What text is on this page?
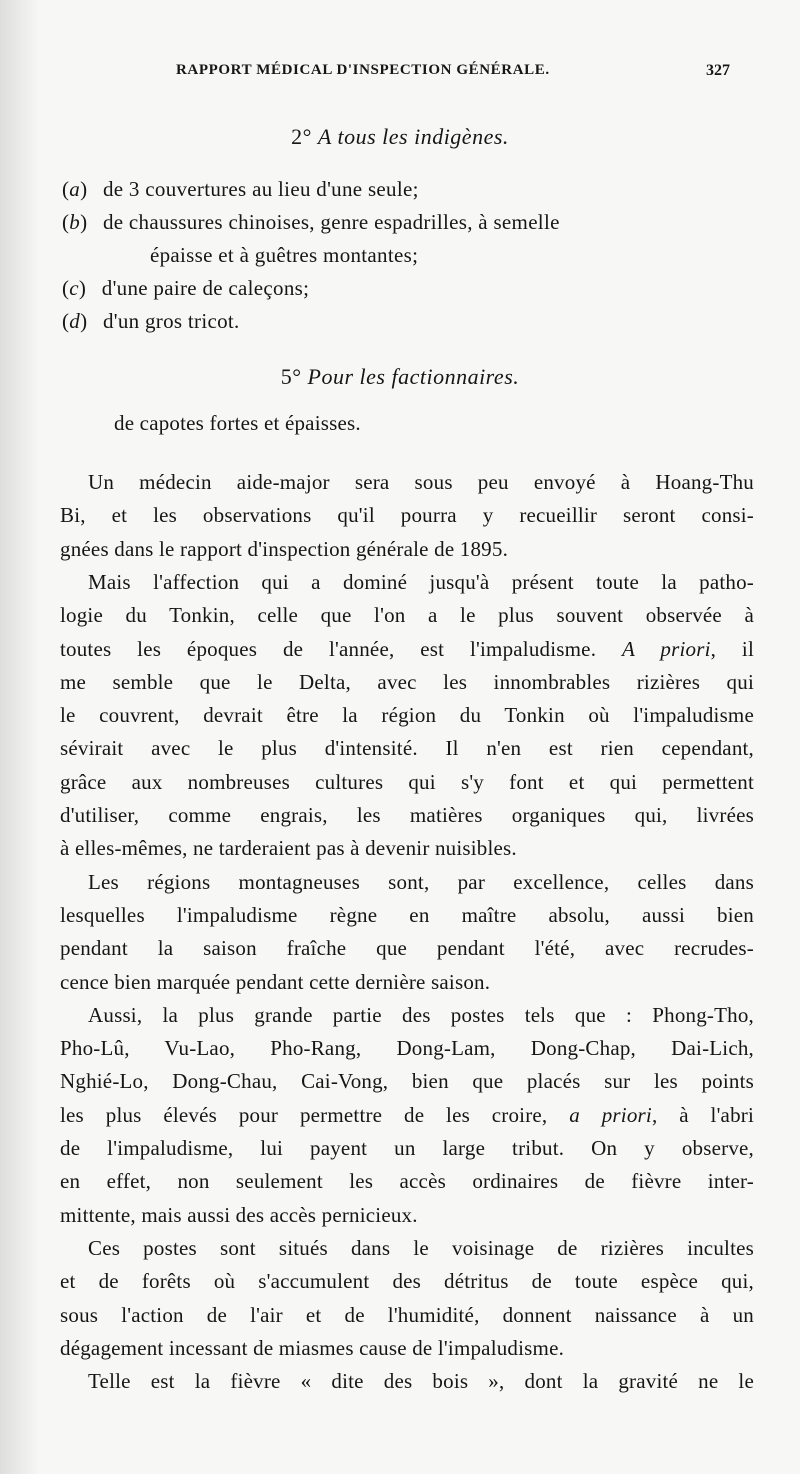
RAPPORT MÉDICAL D'INSPECTION GÉNÉRALE.	327
2° A tous les indigènes.
(a) de 3 couvertures au lieu d'une seule;
(b) de chaussures chinoises, genre espadrilles, à semelle
épaisse et à guêtres montantes;
(c) d'une paire de caleçons;
(d) d'un gros tricot.
5° Pour les factionnaires.
de capotes fortes et épaisses.
Un médecin aide-major sera sous peu envoyé à Hoang-Thu
Bi, et les observations qu'il pourra y recueillir seront consi-
gnées dans le rapport d'inspection générale de 1895.
Mais l'affection qui a dominé jusqu'à présent toute la patho-
logie du Tonkin, celle que l'on a le plus souvent observée à
toutes les époques de l'année, est l'impaludisme. A priori, il
me semble que le Delta, avec les innombrables rizières qui
le couvrent, devrait être la région du Tonkin où l'impaludisme
sévirait avec le plus d'intensité. Il n'en est rien cependant,
grâce aux nombreuses cultures qui s'y font et qui permettent
d'utiliser, comme engrais, les matières organiques qui, livrées
à elles-mêmes, ne tarderaient pas à devenir nuisibles.
Les régions montagneuses sont, par excellence, celles dans
lesquelles l'impaludisme règne en maître absolu, aussi bien
pendant la saison fraîche que pendant l'été, avec recrudes-
cence bien marquée pendant cette dernière saison.
Aussi, la plus grande partie des postes tels que : Phong-Tho,
Pho-Lû, Vu-Lao, Pho-Rang, Dong-Lam, Dong-Chap, Dai-Lich,
Nghié-Lo, Dong-Chau, Cai-Vong, bien que placés sur les points
les plus élevés pour permettre de les croire, a priori, à l'abri
de l'impaludisme, lui payent un large tribut. On y observe,
en effet, non seulement les accès ordinaires de fièvre inter-
mittente, mais aussi des accès pernicieux.
Ces postes sont situés dans le voisinage de rizières incultes
et de forêts où s'accumulent des détritus de toute espèce qui,
sous l'action de l'air et de l'humidité, donnent naissance à un
dégagement incessant de miasmes cause de l'impaludisme.
Telle est la fièvre « dite des bois », dont la gravité ne le
